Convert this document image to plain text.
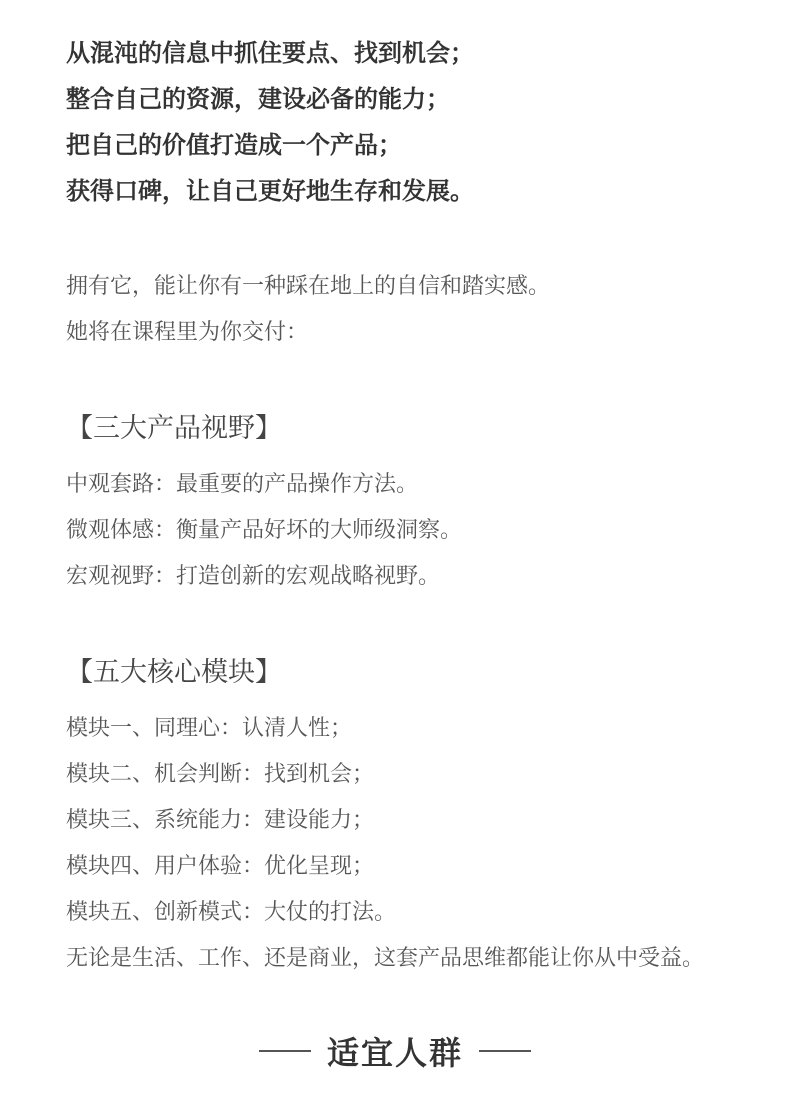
从混沌的信息中抓住要点、找到机会；
整合自己的资源，建设必备的能力；
把自己的价值打造成一个产品；
获得口碑，让自己更好地生存和发展。
拥有它，能让你有一种踩在地上的自信和踏实感。
她将在课程里为你交付：
【三大产品视野】
中观套路：最重要的产品操作方法。
微观体感：衡量产品好坏的大师级洞察。
宏观视野：打造创新的宏观战略视野。
【五大核心模块】
模块一、同理心：认清人性；
模块二、机会判断：找到机会；
模块三、系统能力：建设能力；
模块四、用户体验：优化呈现；
模块五、创新模式：大仗的打法。
无论是生活、工作、还是商业，这套产品思维都能让你从中受益。
适宜人群
